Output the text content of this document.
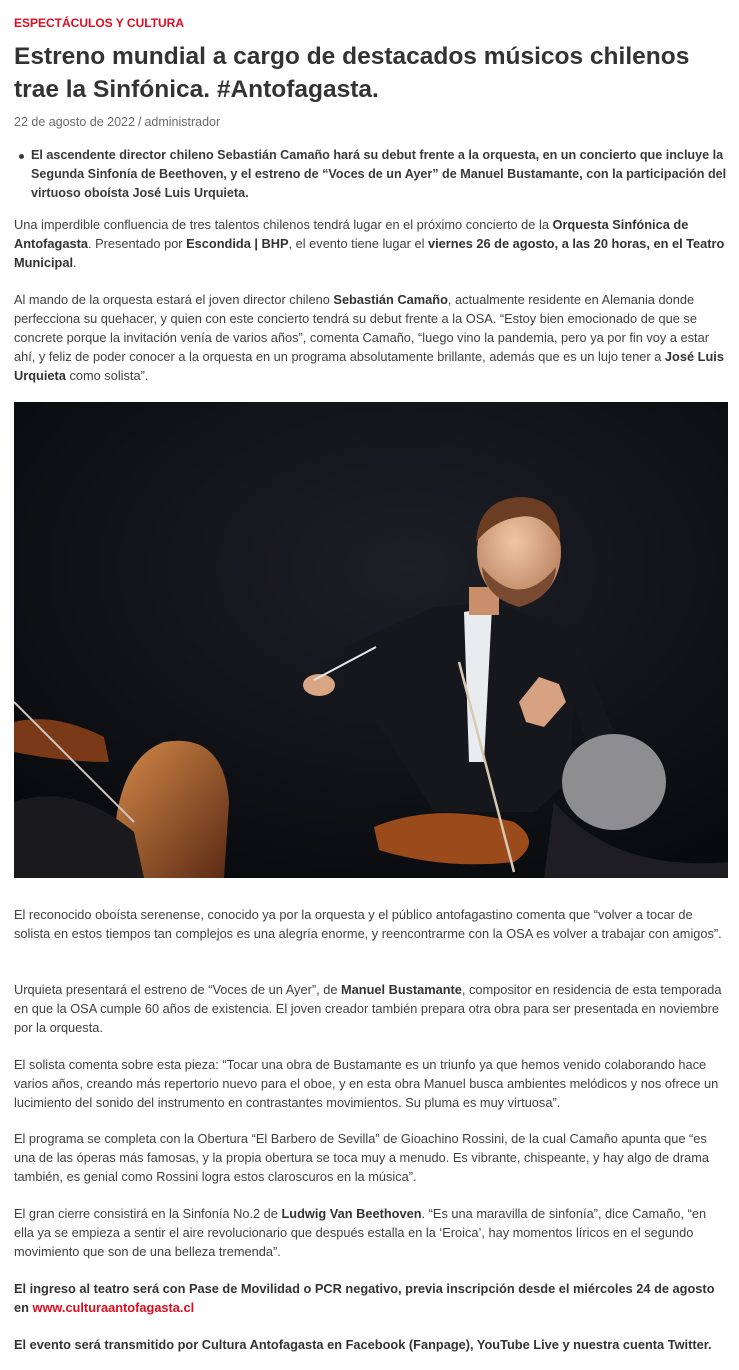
ESPECTÁCULOS Y CULTURA
Estreno mundial a cargo de destacados músicos chilenos trae la Sinfónica. #Antofagasta.
22 de agosto de 2022 / administrador
El ascendente director chileno Sebastián Camaño hará su debut frente a la orquesta, en un concierto que incluye la Segunda Sinfonía de Beethoven, y el estreno de “Voces de un Ayer” de Manuel Bustamante, con la participación del virtuoso oboísta José Luis Urquieta.

Una imperdible confluencia de tres talentos chilenos tendrá lugar en el próximo concierto de la Orquesta Sinfónica de Antofagasta. Presentado por Escondida | BHP, el evento tiene lugar el viernes 26 de agosto, a las 20 horas, en el Teatro Municipal.

Al mando de la orquesta estará el joven director chileno Sebastián Camaño, actualmente residente en Alemania donde perfecciona su quehacer, y quien con este concierto tendrá su debut frente a la OSA. “Estoy bien emocionado de que se concrete porque la invitación venía de varios años”, comenta Camaño, “luego vino la pandemia, pero ya por fin voy a estar ahí, y feliz de poder conocer a la orquesta en un programa absolutamente brillante, además que es un lujo tener a José Luis Urquieta como solista”.

El reconocido oboísta serenense, conocido ya por la orquesta y el público antofagastino comenta que “volver a tocar de solista en estos tiempos tan complejos es una alegría enorme, y reencontrarme con la OSA es volver a trabajar con amigos”.

Urquieta presentará el estreno de “Voces de un Ayer”, de Manuel Bustamante, compositor en residencia de esta temporada en que la OSA cumple 60 años de existencia. El joven creador también prepara otra obra para ser presentada en noviembre por la orquesta.

El solista comenta sobre esta pieza: “Tocar una obra de Bustamante es un triunfo ya que hemos venido colaborando hace varios años, creando más repertorio nuevo para el oboe, y en esta obra Manuel busca ambientes melódicos y nos ofrece un lucimiento del sonido del instrumento en contrastantes movimientos. Su pluma es muy virtuosa”.

El programa se completa con la Obertura “El Barbero de Sevilla” de Gioachino Rossini, de la cual Camaño apunta que “es una de las óperas más famosas, y la propia obertura se toca muy a menudo. Es vibrante, chispeante, y hay algo de drama también, es genial como Rossini logra estos claroscuros en la música”.

El gran cierre consistirá en la Sinfonía No.2 de Ludwig Van Beethoven. “Es una maravilla de sinfonía”, dice Camaño, “en ella ya se empieza a sentir el aire revolucionario que después estalla en la ‘Eroica’, hay momentos líricos en el segundo movimiento que son de una belleza tremenda”.

El ingreso al teatro será con Pase de Movilidad o PCR negativo, previa inscripción desde el miércoles 24 de agosto en www.culturaantofagasta.cl

El evento será transmitido por Cultura Antofagasta en Facebook (Fanpage), YouTube Live y nuestra cuenta Twitter.
